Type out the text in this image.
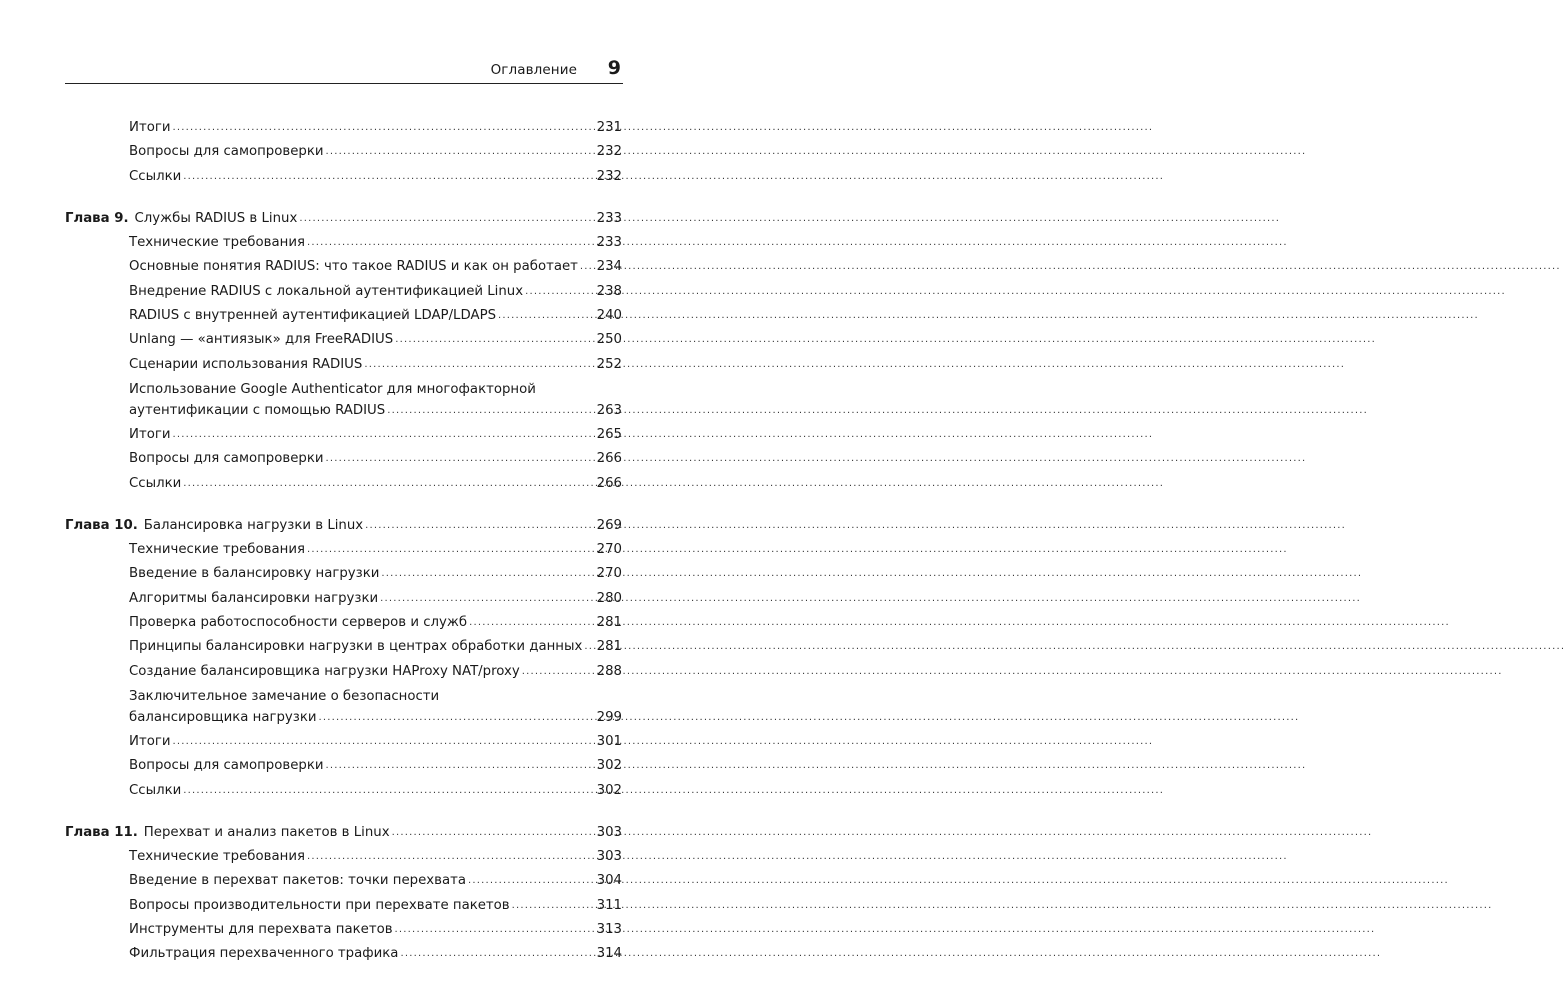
Оглавление 9
Итоги .....	231
Вопросы для самопроверки .....	232
Ссылки .....	232
Глава 9. Службы RADIUS в Linux .....	233
Технические требования .....	233
Основные понятия RADIUS: что такое RADIUS и как он работает ..... 234
Внедрение RADIUS с локальной аутентификацией Linux .....	238
RADIUS с внутренней аутентификацией LDAP/LDAPS .....	240
Unlang — «антиязык» для FreeRADIUS .....	250
Сценарии использования RADIUS .....	252
Использование Google Authenticator для многофакторной
аутентификации с помощью RADIUS .....	263
Итоги .....	265
Вопросы для самопроверки .....	266
Ссылки .....	266
Глава 10. Балансировка нагрузки в Linux .....	269
Технические требования .....	270
Введение в балансировку нагрузки .....	270
Алгоритмы балансировки нагрузки .....	280
Проверка работоспособности серверов и служб .....	281
Принципы балансировки нагрузки в центрах обработки данных ..... 281
Создание балансировщика нагрузки HAProxy NAT/proxy .....	288
Заключительное замечание о безопасности
балансировщика нагрузки .....	299
Итоги .....	301
Вопросы для самопроверки .....	302
Ссылки .....	302
Глава 11. Перехват и анализ пакетов в Linux .....	303
Технические требования .....	303
Введение в перехват пакетов: точки перехвата .....	304
Вопросы производительности при перехвате пакетов .....	311
Инструменты для перехвата пакетов .....	313
Фильтрация перехваченного трафика .....	314
